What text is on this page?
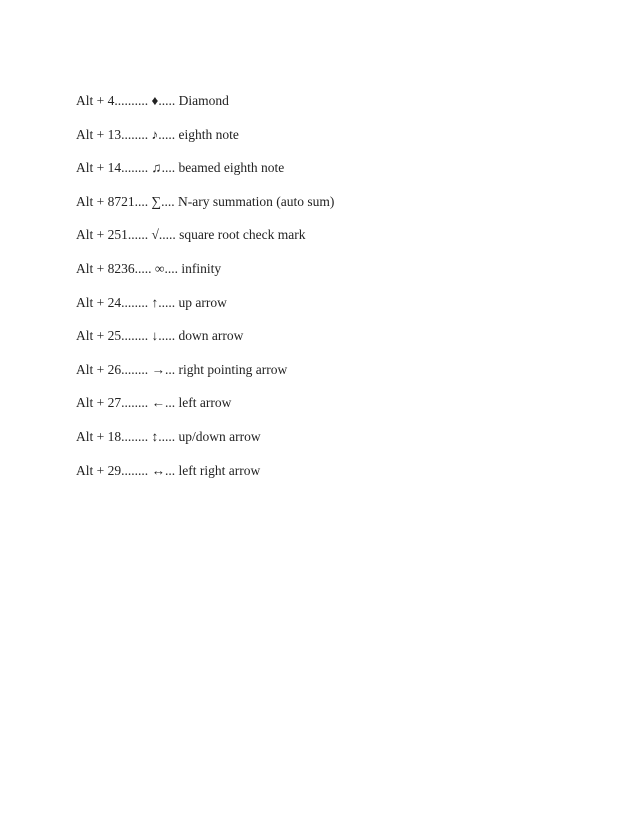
Alt + 4.......... ♦..... Diamond
Alt + 13........ ♪..... eighth note
Alt + 14........ ♫.... beamed eighth note
Alt + 8721.... ∑.... N-ary summation (auto sum)
Alt + 251...... √..... square root check mark
Alt + 8236..... ∞.... infinity
Alt + 24........ ↑..... up arrow
Alt + 25........ ↓..... down arrow
Alt + 26........ →... right pointing arrow
Alt + 27........ ←... left arrow
Alt + 18........ ↕..... up/down arrow
Alt + 29........ ↔... left right arrow
